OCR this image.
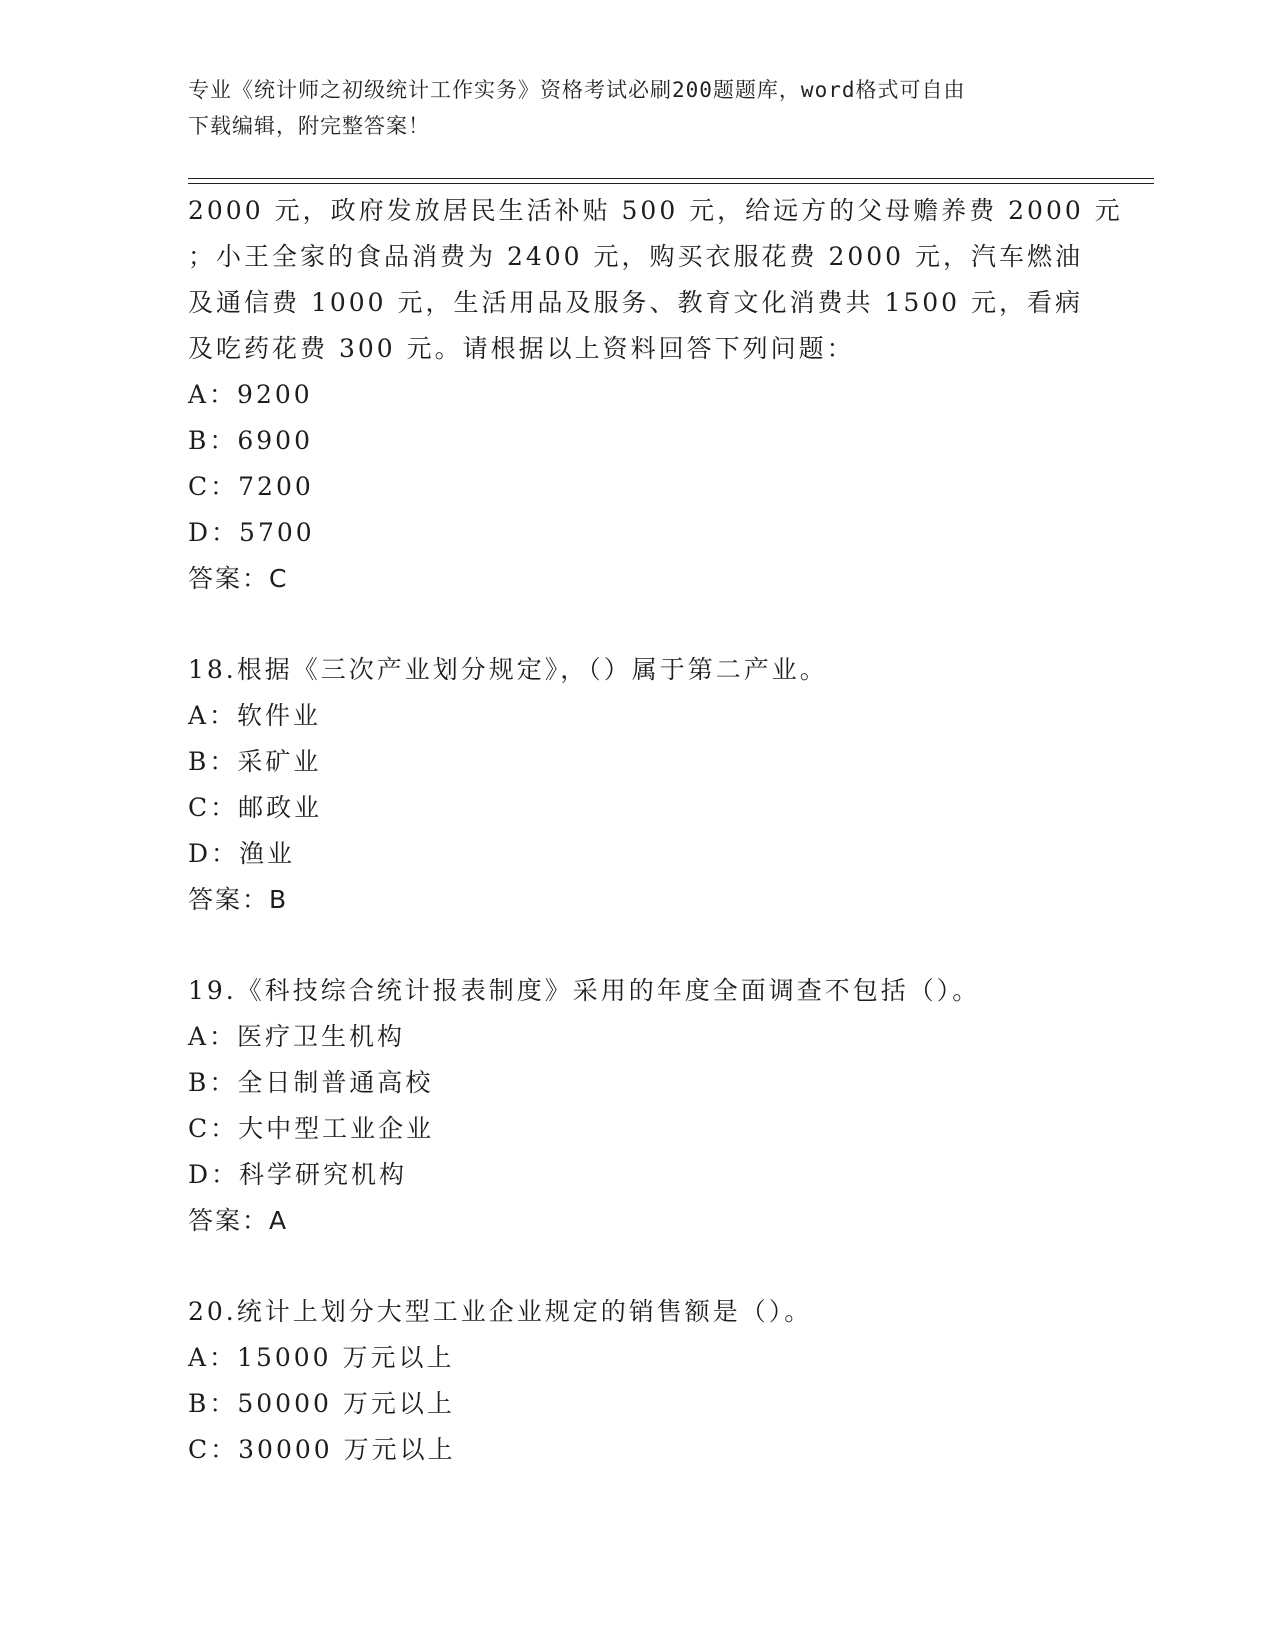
专业《统计师之初级统计工作实务》资格考试必刷200题题库，word格式可自由
下载编辑，附完整答案！

2000 元，政府发放居民生活补贴 500 元，给远方的父母赡养费 2000 元

；小王全家的食品消费为 2400 元，购买衣服花费 2000 元，汽车燃油

及通信费 1000 元，生活用品及服务、教育文化消费共 1500 元，看病

及吃药花费 300 元。请根据以上资料回答下列问题：

A：9200

B：6900

C：7200

D：5700

答案：C

18.根据《三次产业划分规定》，（）属于第二产业。

A：软件业

B：采矿业

C：邮政业

D：渔业

答案：B

19.《科技综合统计报表制度》采用的年度全面调查不包括（）。

A：医疗卫生机构

B：全日制普通高校

C：大中型工业企业

D：科学研究机构

答案：A

20.统计上划分大型工业企业规定的销售额是（）。

A：15000 万元以上

B：50000 万元以上

C：30000 万元以上
